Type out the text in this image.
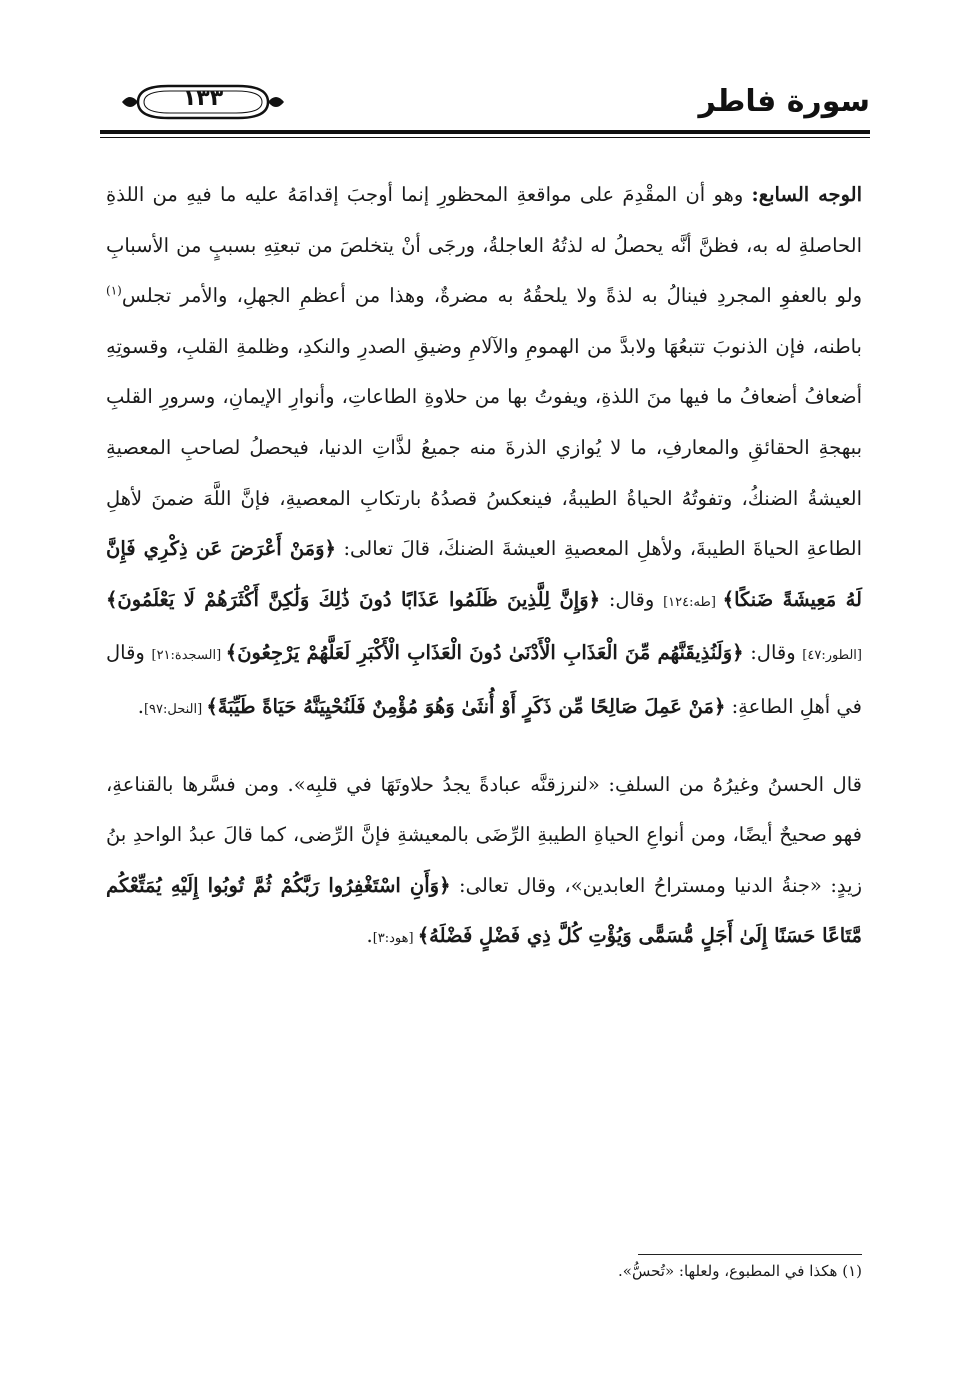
سورة فاطر
١٣٣

الوجه السابع: وهو أن المقْدِمَ على مواقعةِ المحظورِ إنما أوجبَ إقدامَهُ عليه ما فيهِ من اللذةِ الحاصلةِ له به، فظنَّ أنَّه يحصلُ له لذتُهُ العاجلةُ، ورجَى أنْ يتخلصَ من تبعتِهِ بسببٍ من الأسبابِ ولو بالعفوِ المجردِ فينالُ به لذةً ولا يلحقُهُ به مضرةٌ، وهذا من أعظمِ الجهلِ، والأمر تجلس$^{(١)}$ باطنه، فإن الذنوبَ تتبعُهَا ولابدَّ من الهمومِ والآلامِ وضيقِ الصدرِ والنكدِ، وظلمةِ القلبِ، وقسوتِهِ أضعافُ أضعافُ ما فيها منَ اللذةِ، ويفوتُ بها من حلاوةِ الطاعاتِ، وأنوارِ الإيمانِ، وسرورِ القلبِ ببهجةِ الحقائقِ والمعارفِ، ما لا يُوازي الذرةَ منه جميعُ لذَّاتِ الدنيا، فيحصلُ لصاحبِ المعصيةِ العيشةُ الضنكُ، وتفوتُهُ الحياةُ الطيبةُ، فينعكسُ قصدُهُ بارتكابِ المعصيةِ، فإنَّ اللَّهَ ضمنَ لأهلِ الطاعةِ الحياةَ الطيبةَ، ولأهلِ المعصيةِ العيشةَ الضنكَ، قالَ تعالى: ﴿وَمَنْ أَعْرَضَ عَن ذِكْرِي فَإِنَّ لَهُ مَعِيشَةً ضَنكًا﴾ [طه:١٢٤] وقال: ﴿وَإِنَّ لِلَّذِينَ ظَلَمُوا عَذَابًا دُونَ ذَٰلِكَ وَلَٰكِنَّ أَكْثَرَهُمْ لَا يَعْلَمُونَ﴾ [الطور:٤٧] وقال: ﴿وَلَنُذِيقَنَّهُم مِّنَ الْعَذَابِ الْأَدْنَىٰ دُونَ الْعَذَابِ الْأَكْبَرِ لَعَلَّهُمْ يَرْجِعُونَ﴾ [السجدة:٢١] وقال في أهلِ الطاعةِ: ﴿مَنْ عَمِلَ صَالِحًا مِّن ذَكَرٍ أَوْ أُنثَىٰ وَهُوَ مُؤْمِنٌ فَلَنُحْيِيَنَّهُ حَيَاةً طَيِّبَةً﴾ [النحل:٩٧].

قال الحسنُ وغيرُهُ من السلفِ: «لنرزقنَّه عبادةً يجدُ حلاوتَهَا في قلبِه». ومن فسَّرها بالقناعةِ، فهو صحيحٌ أيضًا، ومن أنواعِ الحياةِ الطيبةِ الرِّضَى بالمعيشةِ فإنَّ الرِّضى، كما قالَ عبدُ الواحدِ بنُ زيدٍ: «جنةُ الدنيا ومستراحُ العابدين»، وقال تعالى: ﴿وَأَنِ اسْتَغْفِرُوا رَبَّكُمْ ثُمَّ تُوبُوا إِلَيْهِ يُمَتِّعْكُم مَّتَاعًا حَسَنًا إِلَىٰ أَجَلٍ مُّسَمًّى وَيُؤْتِ كُلَّ ذِي فَضْلٍ فَضْلَهُ﴾ [هود:٣].

(١) هكذا في المطبوع، ولعلها: «تُحسُّ».
